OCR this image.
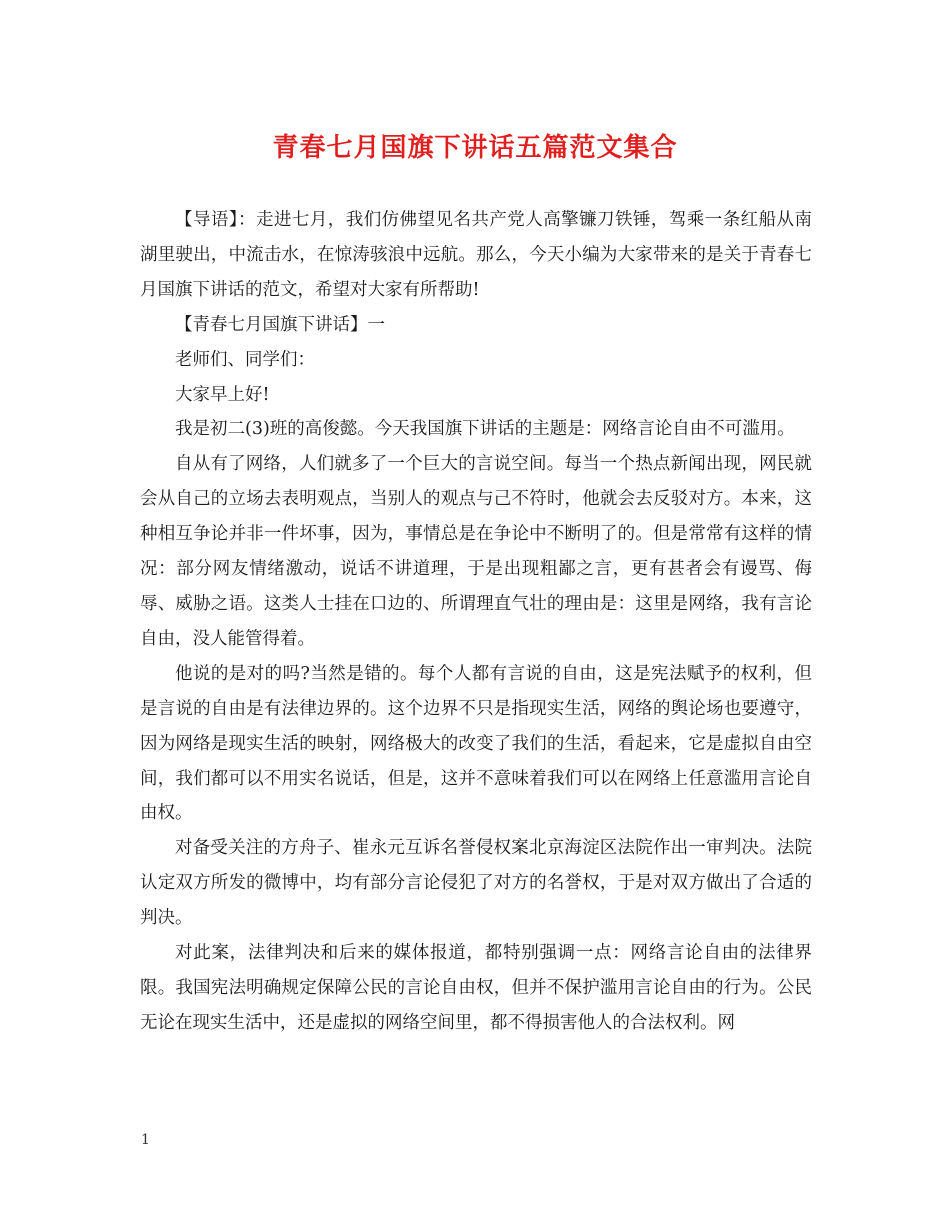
青春七月国旗下讲话五篇范文集合

【导语】：走进七月，我们仿佛望见名共产党人高擎镰刀铁锤，驾乘一条红船从南湖里驶出，中流击水，在惊涛骇浪中远航。那么，今天小编为大家带来的是关于青春七月国旗下讲话的范文，希望对大家有所帮助!

【青春七月国旗下讲话】一

老师们、同学们：

大家早上好!

我是初二(3)班的高俊懿。今天我国旗下讲话的主题是：网络言论自由不可滥用。

自从有了网络，人们就多了一个巨大的言说空间。每当一个热点新闻出现，网民就会从自己的立场去表明观点，当别人的观点与己不符时，他就会去反驳对方。本来，这种相互争论并非一件坏事，因为，事情总是在争论中不断明了的。但是常常有这样的情况：部分网友情绪激动，说话不讲道理，于是出现粗鄙之言，更有甚者会有谩骂、侮辱、威胁之语。这类人士挂在口边的、所谓理直气壮的理由是：这里是网络，我有言论自由，没人能管得着。

他说的是对的吗?当然是错的。每个人都有言说的自由，这是宪法赋予的权利，但是言说的自由是有法律边界的。这个边界不只是指现实生活，网络的舆论场也要遵守，因为网络是现实生活的映射，网络极大的改变了我们的生活，看起来，它是虚拟自由空间，我们都可以不用实名说话，但是，这并不意味着我们可以在网络上任意滥用言论自由权。

对备受关注的方舟子、崔永元互诉名誉侵权案北京海淀区法院作出一审判决。法院认定双方所发的微博中，均有部分言论侵犯了对方的名誉权，于是对双方做出了合适的判决。

对此案，法律判决和后来的媒体报道，都特别强调一点：网络言论自由的法律界限。我国宪法明确规定保障公民的言论自由权，但并不保护滥用言论自由的行为。公民无论在现实生活中，还是虚拟的网络空间里，都不得损害他人的合法权利。网

1
